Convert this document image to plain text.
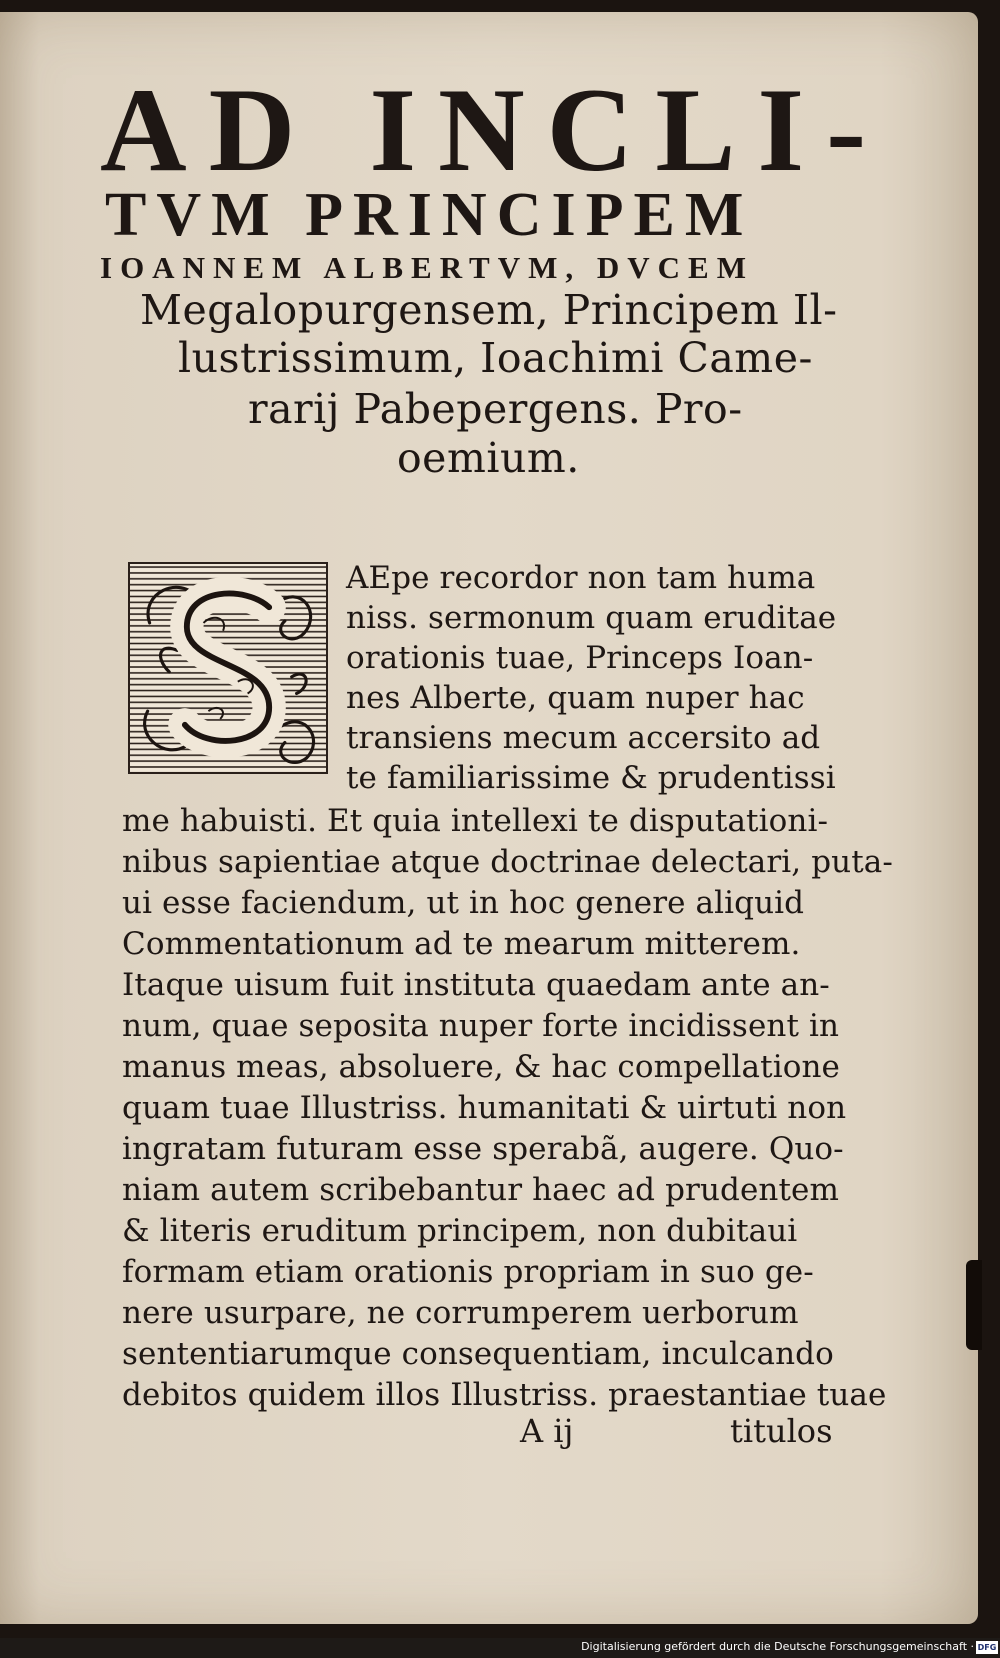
AD INCLI-
TVM PRINCIPEM
IOANNEM ALBERTVM, DVCEM

Megalopurgensem, Principem Il-

lustrissimum, Ioachimi Came-

rarij Pabepergens. Pro-

oemium.

AEpe recordor non tam huma

niss. sermonum quam eruditae

orationis tuae, Princeps Ioan-

nes Alberte, quam nuper hac

transiens mecum accersito ad

te familiarissime & prudentissi

me habuisti. Et quia intellexi te disputationi-

nibus sapientiae atque doctrinae delectari, puta-

ui esse faciendum, ut in hoc genere aliquid

Commentationum ad te mearum mitterem.

Itaque uisum fuit instituta quaedam ante an-

num, quae seposita nuper forte incidissent in

manus meas, absoluere, & hac compellatione

quam tuae Illustriss. humanitati & uirtuti non

ingratam futuram esse sperabã, augere. Quo-

niam autem scribebantur haec ad prudentem

& literis eruditum principem, non dubitaui

formam etiam orationis propriam in suo ge-

nere usurpare, ne corrumperem uerborum

sententiarumque consequentiam, inculcando

debitos quidem illos Illustriss. praestantiae tuae

A ij	titulos

Digitalisierung gefördert durch die Deutsche Forschungsgemeinschaft · DFG
